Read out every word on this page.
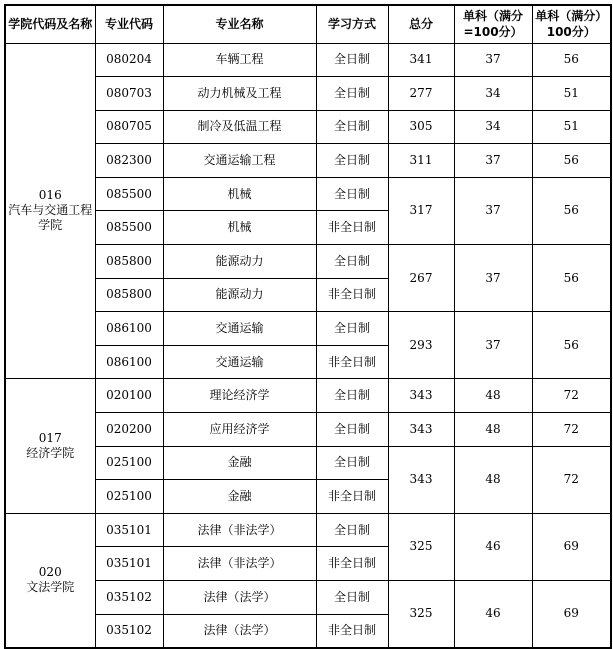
学院代码及名称	专业代码	专业名称	学习方式	总分	单科（满分=100分）	单科（满分）100分）

016
汽车与交通工程学院	080204	车辆工程	全日制	341	37	56
	080703	动力机械及工程	全日制	277	34	51
	080705	制冷及低温工程	全日制	305	34	51
	082300	交通运输工程	全日制	311	37	56
	085500	机械	全日制	317	37	56
	085500	机械	非全日制			
	085800	能源动力	全日制	267	37	56
	085800	能源动力	非全日制			
	086100	交通运输	全日制	293	37	56
	086100	交通运输	非全日制			

017
经济学院	020100	理论经济学	全日制	343	48	72
	020200	应用经济学	全日制	343	48	72
	025100	金融	全日制	343	48	72
	025100	金融	非全日制			

020
文法学院	035101	法律（非法学）	全日制	325	46	69
	035101	法律（非法学）	非全日制			
	035102	法律（法学）	全日制	325	46	69
	035102	法律（法学）	非全日制			
